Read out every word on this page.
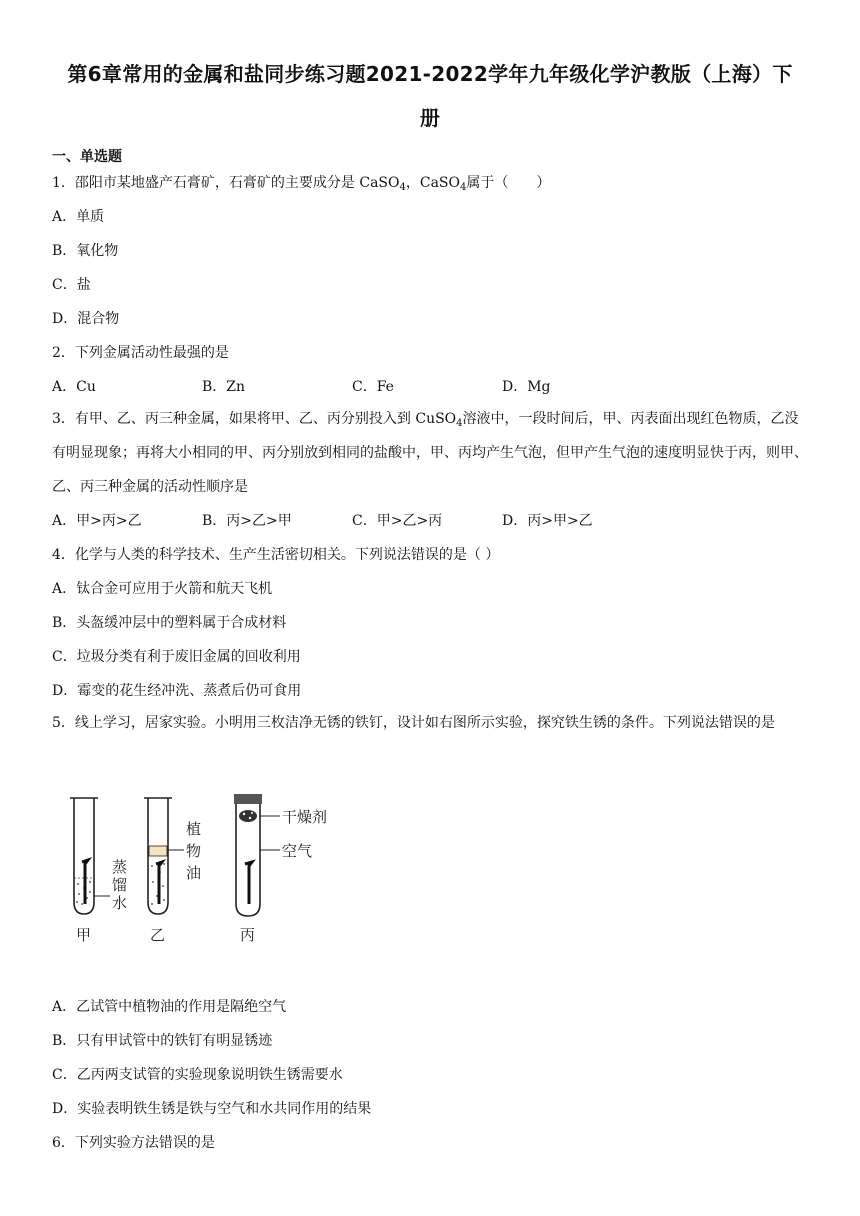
第6章常用的金属和盐同步练习题2021-2022学年九年级化学沪教版（上海）下
册
一、单选题
1．邵阳市某地盛产石膏矿，石膏矿的主要成分是 CaSO$_4$，CaSO$_4$属于（　　）
A．单质
B．氧化物
C．盐
D．混合物
2．下列金属活动性最强的是
A．Cu	B．Zn	C．Fe	D．Mg
3．有甲、乙、丙三种金属，如果将甲、乙、丙分别投入到 CuSO$_4$溶液中，一段时间后，甲、丙表面出现红色物质，乙没有明显现象；再将大小相同的甲、丙分别放到相同的盐酸中，甲、丙均产生气泡，但甲产生气泡的速度明显快于丙，则甲、乙、丙三种金属的活动性顺序是
A．甲>丙>乙	B．丙>乙>甲	C．甲>乙>丙	D．丙>甲>乙
4．化学与人类的科学技术、生产生活密切相关。下列说法错误的是（ ）
A．钛合金可应用于火箭和航天飞机
B．头盔缓冲层中的塑料属于合成材料
C．垃圾分类有利于废旧金属的回收利用
D．霉变的花生经冲洗、蒸煮后仍可食用
5．线上学习，居家实验。小明用三枚洁净无锈的铁钉，设计如右图所示实验，探究铁生锈的条件。下列说法错误的是
蒸
馏
水
甲
植
物
油
乙
干燥剂
空气
丙
A．乙试管中植物油的作用是隔绝空气
B．只有甲试管中的铁钉有明显锈迹
C．乙丙两支试管的实验现象说明铁生锈需要水
D．实验表明铁生锈是铁与空气和水共同作用的结果
6．下列实验方法错误的是
